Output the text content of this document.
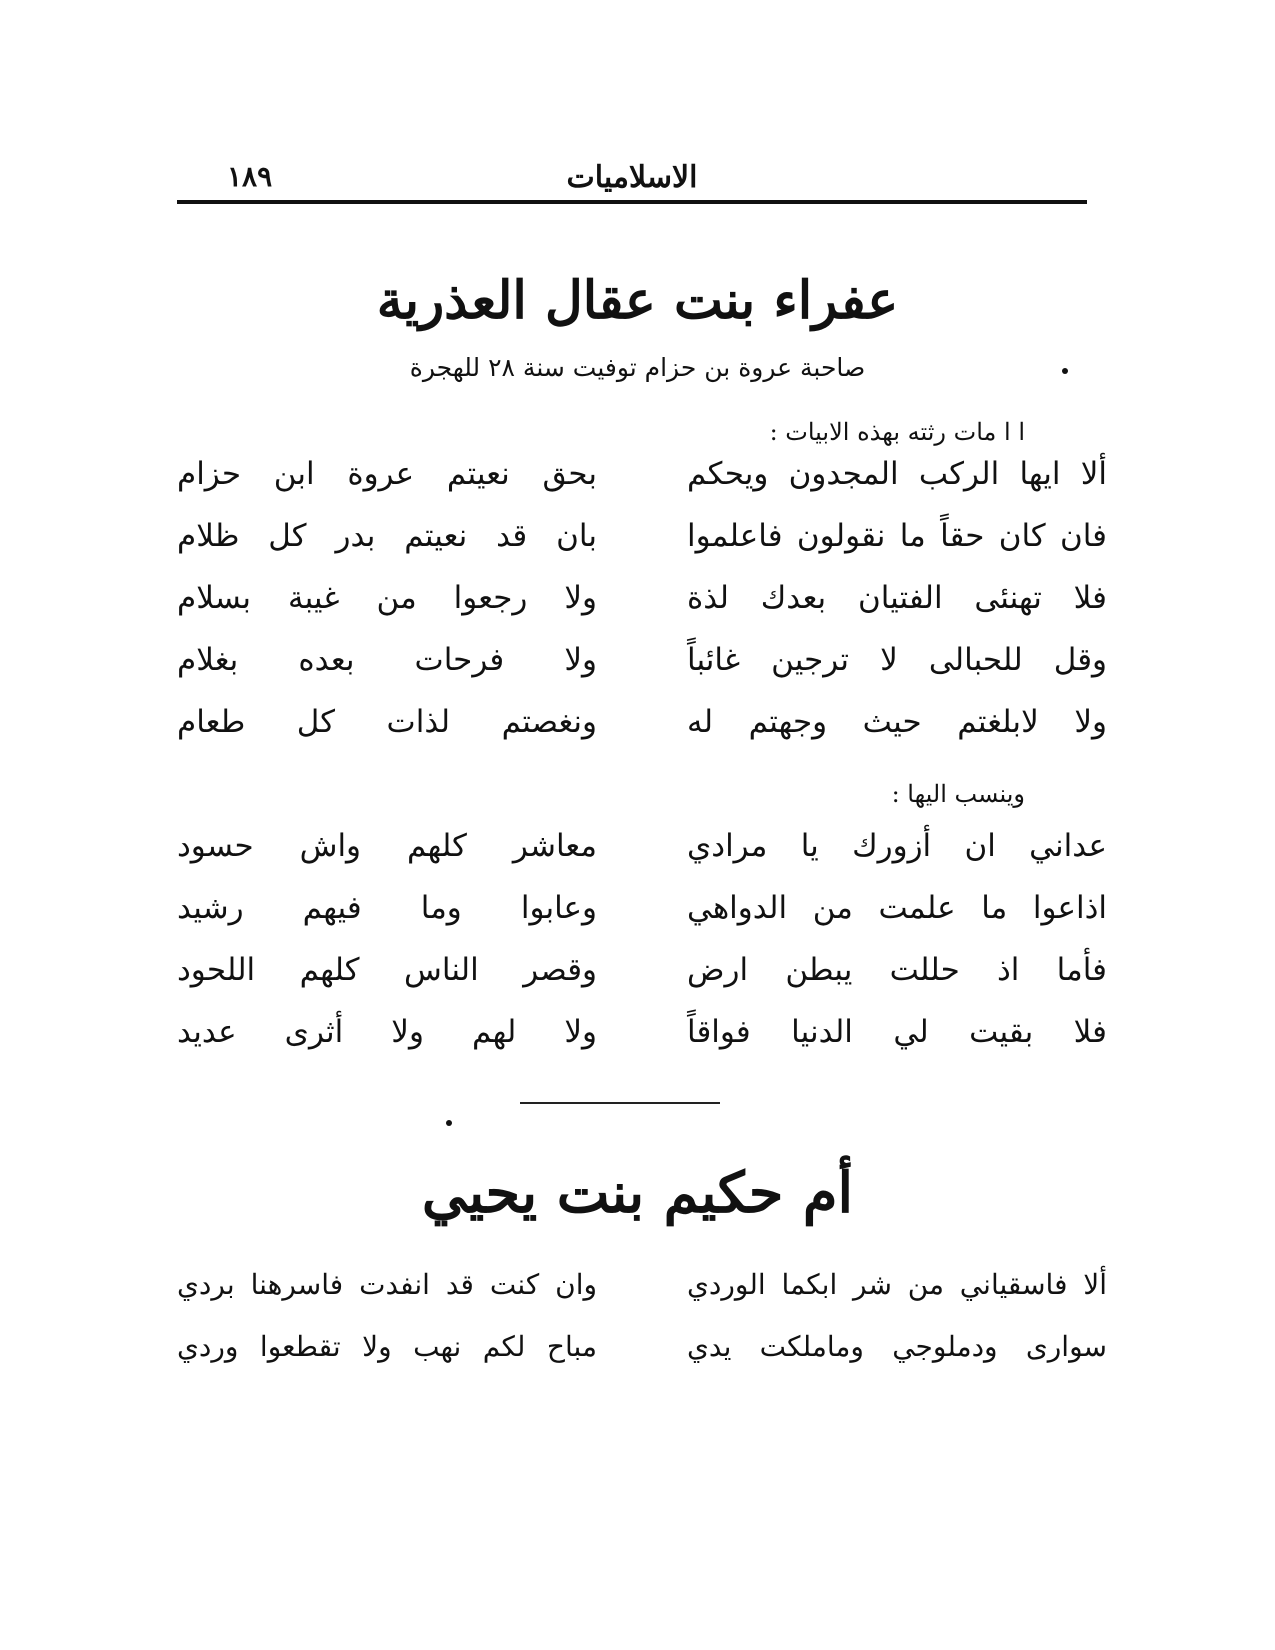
الاسلاميات
١٨٩
عفراء بنت عقال العذرية
صاحبة عروة بن حزام توفيت سنة ٢٨ للهجرة
ا ا مات رثته بهذه الابيات :
ألا ايها الركب المجدون ويحكم
بحق نعيتم عروة ابن حزام
فان كان حقاً ما نقولون فاعلموا
بان قد نعيتم بدر كل ظلام
فلا تهنئى الفتيان بعدك لذة
ولا رجعوا من غيبة بسلام
وقل للحبالى لا ترجين غائباً
ولا فرحات بعده بغلام
ولا لابلغتم حيث وجهتم له
ونغصتم لذات كل طعام
وينسب اليها :
عداني ان أزورك يا مرادي
معاشر كلهم واش حسود
اذاعوا ما علمت من الدواهي
وعابوا وما فيهم رشيد
فأما اذ حللت يبطن ارض
وقصر الناس كلهم اللحود
فلا بقيت لي الدنيا فواقاً
ولا لهم ولا أثرى عديد
أم حكيم بنت يحيي
ألا فاسقياني من شر ابكما الوردي
وان كنت قد انفدت فاسرهنا بردي
سوارى ودملوجي وماملكت يدي
مباح لكم نهب ولا تقطعوا وردي
